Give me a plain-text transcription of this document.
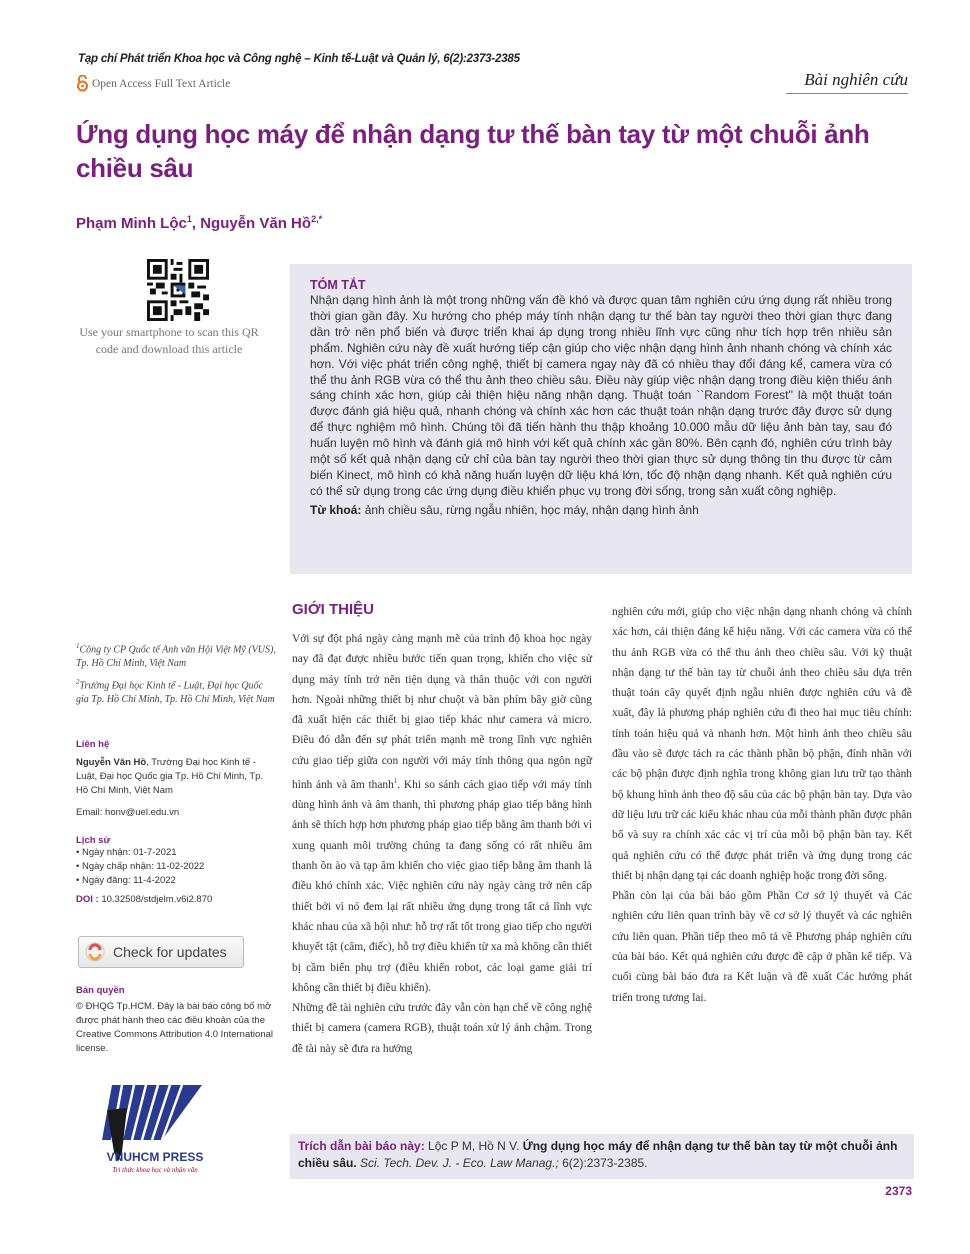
Tạp chí Phát triển Khoa học và Công nghệ – Kinh tế-Luật và Quản lý, 6(2):2373-2385
Open Access Full Text Article	Bài nghiên cứu
Ứng dụng học máy để nhận dạng tư thế bàn tay từ một chuỗi ảnh chiều sâu
Phạm Minh Lộc$^1$, Nguyễn Văn Hồ$^{2,*}$
Use your smartphone to scan this QR code and download this article
TÓM TẮT

Nhận dạng hình ảnh là một trong những vấn đề khó và được quan tâm nghiên cứu ứng dụng rất nhiều trong thời gian gần đây. Xu hướng cho phép máy tính nhận dạng tư thế bàn tay người theo thời gian thực đang dần trở nên phổ biến và được triển khai áp dụng trong nhiều lĩnh vực cũng như tích hợp trên nhiều sản phẩm. Nghiên cứu này đề xuất hướng tiếp cận giúp cho việc nhận dạng hình ảnh nhanh chóng và chính xác hơn. Với việc phát triển công nghệ, thiết bị camera ngay này đã có nhiều thay đổi đáng kể, camera vừa có thể thu ảnh RGB vừa có thể thu ảnh theo chiều sâu. Điều này giúp việc nhận dạng trong điều kiện thiếu ánh sáng chính xác hơn, giúp cải thiện hiệu năng nhận dạng. Thuật toán ``Random Forest'' là một thuật toán được đánh giá hiệu quả, nhanh chóng và chính xác hơn các thuật toán nhận dạng trước đây được sử dụng để thực nghiệm mô hình. Chúng tôi đã tiến hành thu thập khoảng 10.000 mẫu dữ liệu ảnh bàn tay, sau đó huấn luyện mô hình và đánh giá mô hình với kết quả chính xác gần 80%. Bên cạnh đó, nghiên cứu trình bày một số kết quả nhận dạng cử chỉ của bàn tay người theo thời gian thực sử dụng thông tin thu được từ cảm biến Kinect, mô hình có khả năng huấn luyện dữ liệu khá lớn, tốc độ nhận dạng nhanh. Kết quả nghiên cứu có thể sử dụng trong các ứng dụng điều khiển phục vụ trong đời sống, trong sản xuất công nghiệp.

Từ khoá: ảnh chiều sâu, rừng ngẫu nhiên, học máy, nhận dạng hình ảnh

$^1$Công ty CP Quốc tế Anh văn Hội Việt Mỹ (VUS), Tp. Hồ Chí Minh, Việt Nam

$^2$Trường Đại học Kinh tế - Luật, Đại học Quốc gia Tp. Hồ Chí Minh, Tp. Hồ Chí Minh, Việt Nam

Liên hệ
Nguyễn Văn Hồ, Trường Đại học Kinh tế - Luật, Đại học Quốc gia Tp. Hồ Chí Minh, Tp. Hồ Chí Minh, Việt Nam
Email: honv@uel.edu.vn
Lịch sử
• Ngày nhận: 01-7-2021
• Ngày chấp nhận: 11-02-2022
• Ngày đăng: 11-4-2022
DOI : 10.32508/stdjelm.v6i2.870
Check for updates
Bản quyền
© ĐHQG Tp.HCM. Đây là bài báo công bố mở được phát hành theo các điều khoản của the Creative Commons Attribution 4.0 International license.
VNUHCM PRESS
Tri thức khoa học và nhân văn
GIỚI THIỆU

Với sự đột phá ngày càng mạnh mẽ của trình độ khoa học ngày nay đã đạt được nhiều bước tiến quan trọng, khiến cho việc sử dụng máy tính trở nên tiện dụng và thân thuộc với con người hơn. Ngoài những thiết bị như chuột và bàn phím bây giờ cũng đã xuất hiện các thiết bị giao tiếp khác như camera và micro. Điều đó dẫn đến sự phát triển mạnh mẽ trong lĩnh vực nghiên cứu giao tiếp giữa con người với máy tính thông qua ngôn ngữ hình ảnh và âm thanh$^1$. Khi so sánh cách giao tiếp với máy tính dùng hình ảnh và âm thanh, thì phương pháp giao tiếp bằng hình ảnh sẽ thích hợp hơn phương pháp giao tiếp bằng âm thanh bởi vì xung quanh môi trường chúng ta đang sống có rất nhiều âm thanh ồn ào và tạp âm khiến cho việc giao tiếp bằng âm thanh là điều khó chính xác. Việc nghiên cứu này ngày càng trở nên cấp thiết bởi vì nó đem lại rất nhiều ứng dụng trong tất cả lĩnh vực khác nhau của xã hội như: hỗ trợ rất tốt trong giao tiếp cho người khuyết tật (câm, điếc), hỗ trợ điều khiển từ xa mà không cần thiết bị cầm biến phụ trợ (điều khiển robot, các loại game giải trí không cần thiết bị điều khiển).

Những đề tài nghiên cứu trước đây vẫn còn hạn chế về công nghệ thiết bị camera (camera RGB), thuật toán xử lý ảnh chậm. Trong đề tài này sẽ đưa ra hướng

nghiên cứu mới, giúp cho việc nhận dạng nhanh chóng và chính xác hơn, cải thiện đáng kể hiệu năng. Với các camera vừa có thể thu ảnh RGB vừa có thể thu ảnh theo chiều sâu. Với kỹ thuật nhận dạng tư thế bàn tay từ chuỗi ảnh theo chiều sâu dựa trên thuật toán cây quyết định ngẫu nhiên được nghiên cứu và đề xuất, đây là phương pháp nghiên cứu đi theo hai mục tiêu chính: tính toán hiệu quả và nhanh hơn. Một hình ảnh theo chiều sâu đầu vào sẽ được tách ra các thành phần bộ phận, đính nhãn với các bộ phận được định nghĩa trong không gian lưu trữ tạo thành bộ khung hình ảnh theo độ sâu của các bộ phận bàn tay. Dựa vào dữ liệu lưu trữ các kiểu khác nhau của mỗi thành phần được phân bổ và suy ra chính xác các vị trí của mỗi bộ phận bàn tay. Kết quả nghiên cứu có thể được phát triển và ứng dụng trong các thiết bị nhận dạng tại các doanh nghiệp hoặc trong đời sống.

Phần còn lại của bài báo gồm Phần Cơ sở lý thuyết và Các nghiên cứu liên quan trình bày về cơ sở lý thuyết và các nghiên cứu liên quan. Phần tiếp theo mô tả về Phương pháp nghiên cứu của bài báo. Kết quả nghiên cứu được đề cập ở phần kế tiếp. Và cuối cùng bài báo đưa ra Kết luận và đề xuất Các hướng phát triển trong tương lai.

Trích dẫn bài báo này: Lộc P M, Hồ N V. Ứng dụng học máy để nhận dạng tư thế bàn tay từ một chuỗi ảnh chiều sâu. Sci. Tech. Dev. J. - Eco. Law Manag.; 6(2):2373-2385.
2373
